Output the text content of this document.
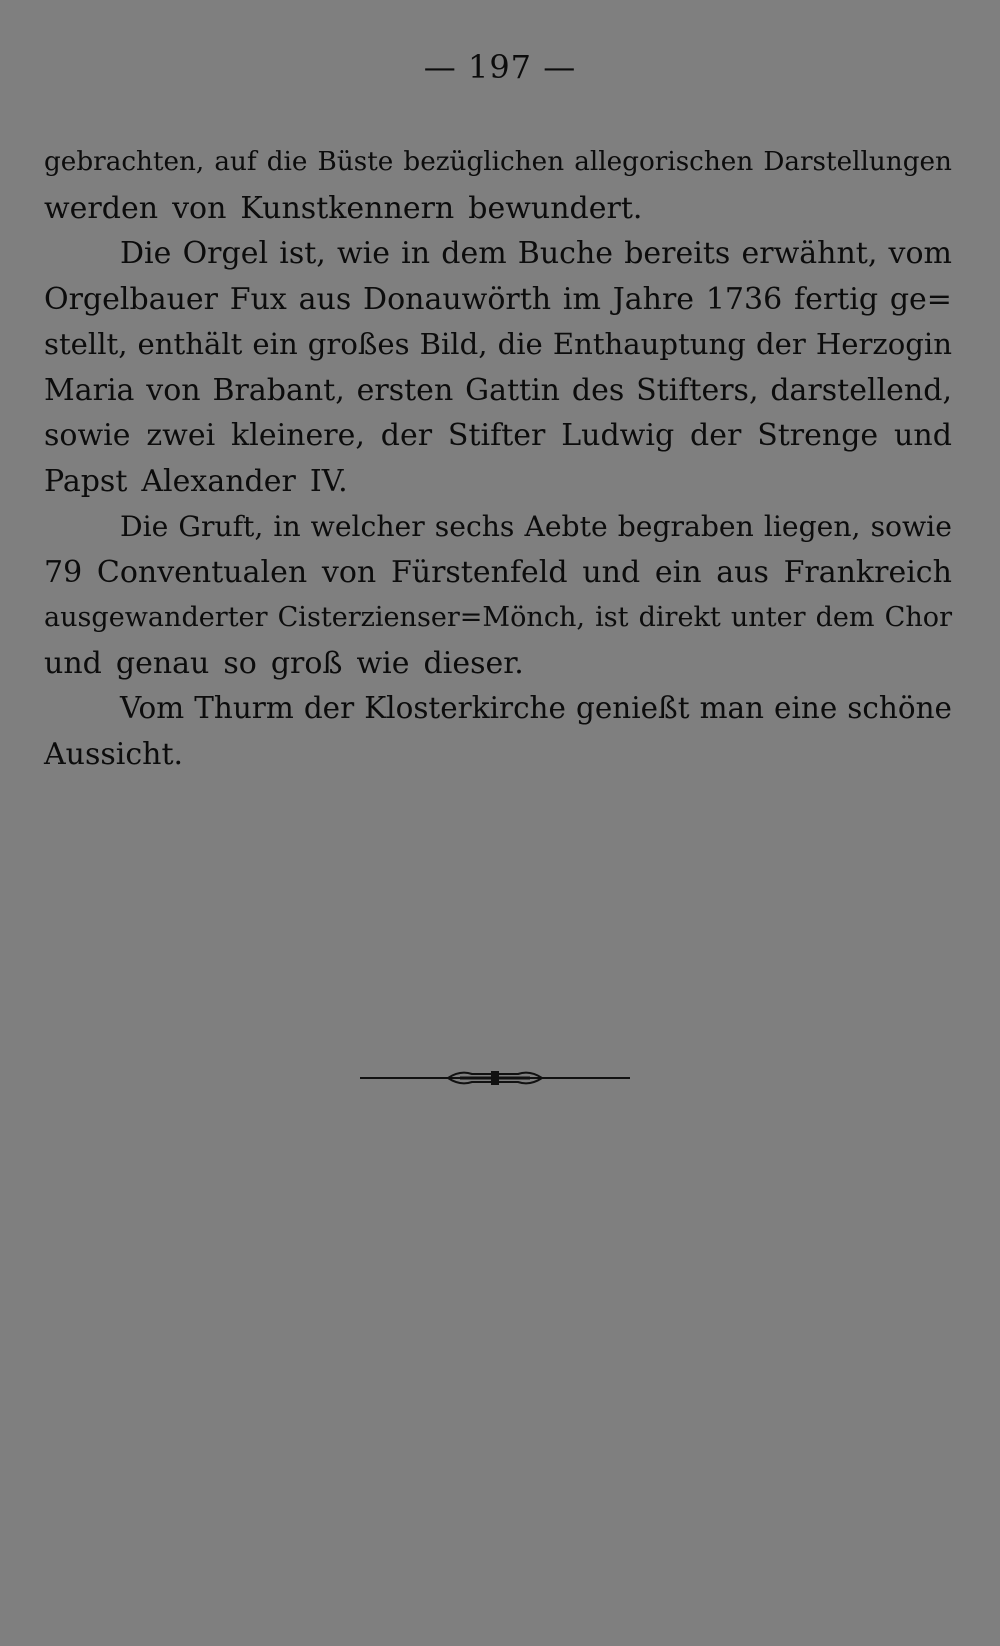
— 197 —
gebrachten, auf die Büste bezüglichen allegorischen Darstellungen
werden von Kunstkennern bewundert.
Die Orgel ist, wie in dem Buche bereits erwähnt, vom
Orgelbauer Fux aus Donauwörth im Jahre 1736 fertig ge=
stellt, enthält ein großes Bild, die Enthauptung der Herzogin
Maria von Brabant, ersten Gattin des Stifters, darstellend,
sowie zwei kleinere, der Stifter Ludwig der Strenge und
Papst Alexander IV.
Die Gruft, in welcher sechs Aebte begraben liegen, sowie
79 Conventualen von Fürstenfeld und ein aus Frankreich
ausgewanderter Cisterzienser=Mönch, ist direkt unter dem Chor
und genau so groß wie dieser.
Vom Thurm der Klosterkirche genießt man eine schöne
Aussicht.
